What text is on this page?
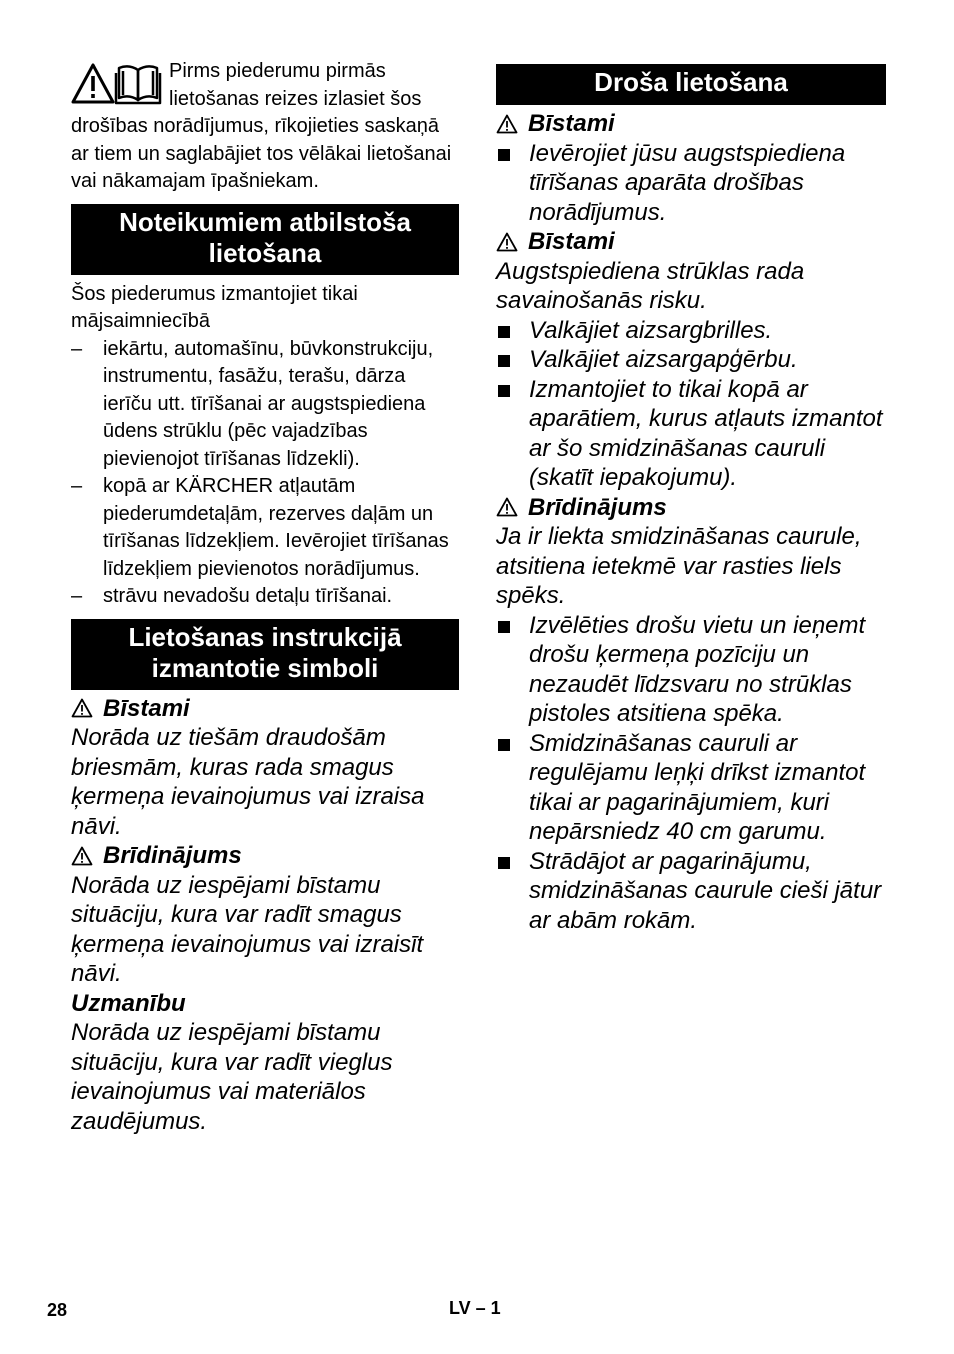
Pirms piederumu pirmās lietošanas reizes izlasiet šos drošības norādījumus, rīkojieties saskaņā ar tiem un saglabājiet tos vēlākai lietošanai vai nākamajam īpašniekam.
Noteikumiem atbilstoša
lietošana
Šos piederumus izmantojiet tikai mājsaimniecībā
– iekārtu, automašīnu, būvkonstrukciju, instrumentu, fasāžu, terašu, dārza ierīču utt. tīrīšanai ar augstspiediena ūdens strūklu (pēc vajadzības pievienojot tīrīšanas līdzekli).
– kopā ar KÄRCHER atļautām piederumdetaļām, rezerves daļām un tīrīšanas līdzekļiem. Ievērojiet tīrīšanas līdzekļiem pievienotos norādījumus.
– strāvu nevadošu detaļu tīrīšanai.
Lietošanas instrukcijā
izmantotie simboli
Bīstami
Norāda uz tiešām draudošām briesmām, kuras rada smagus ķermeņa ievainojumus vai izraisa nāvi.
Brīdinājums
Norāda uz iespējami bīstamu situāciju, kura var radīt smagus ķermeņa ievainojumus vai izraisīt nāvi.
Uzmanību
Norāda uz iespējami bīstamu situāciju, kura var radīt vieglus ievainojumus vai materiālos zaudējumus.
Droša lietošana
Bīstami
Ievērojiet jūsu augstspiediena tīrīšanas aparāta drošības norādījumus.
Bīstami
Augstspiediena strūklas rada savainošanās risku.
Valkājiet aizsargbrilles.
Valkājiet aizsargapģērbu.
Izmantojiet to tikai kopā ar aparātiem, kurus atļauts izmantot ar šo smidzināšanas cauruli (skatīt iepakojumu).
Brīdinājums
Ja ir liekta smidzināšanas caurule, atsitiena ietekmē var rasties liels spēks.
Izvēlēties drošu vietu un ieņemt drošu ķermeņa pozīciju un nezaudēt līdzsvaru no strūklas pistoles atsitiena spēka.
Smidzināšanas cauruli ar regulējamu leņķi drīkst izmantot tikai ar pagarinājumiem, kuri nepārsniedz 40 cm garumu.
Strādājot ar pagarinājumu, smidzināšanas caurule cieši jātur ar abām rokām.
28	LV – 1
